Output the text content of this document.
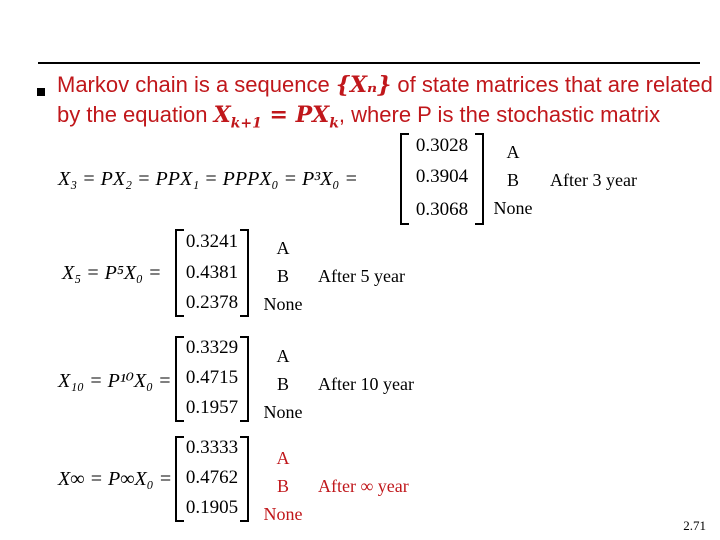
Markov chain is a sequence {Xₙ} of state matrices that are related
by the equation $X_{k+1} = PX_k$, where P is the stochastic matrix
X₃ = PX₂ = PPX₁ = PPPX₀ = P³X₀ =
0.3028
0.3904
0.3068
A
B
None
After 3 year
X₅ = P⁵X₀ =
0.3241
0.4381
0.2378
A
B
None
After 5 year
X₁₀ = P¹⁰X₀ =
0.3329
0.4715
0.1957
A
B
None
After 10 year
X∞ = P∞X₀ =
0.3333
0.4762
0.1905
A
B
None
After ∞ year
2.71
